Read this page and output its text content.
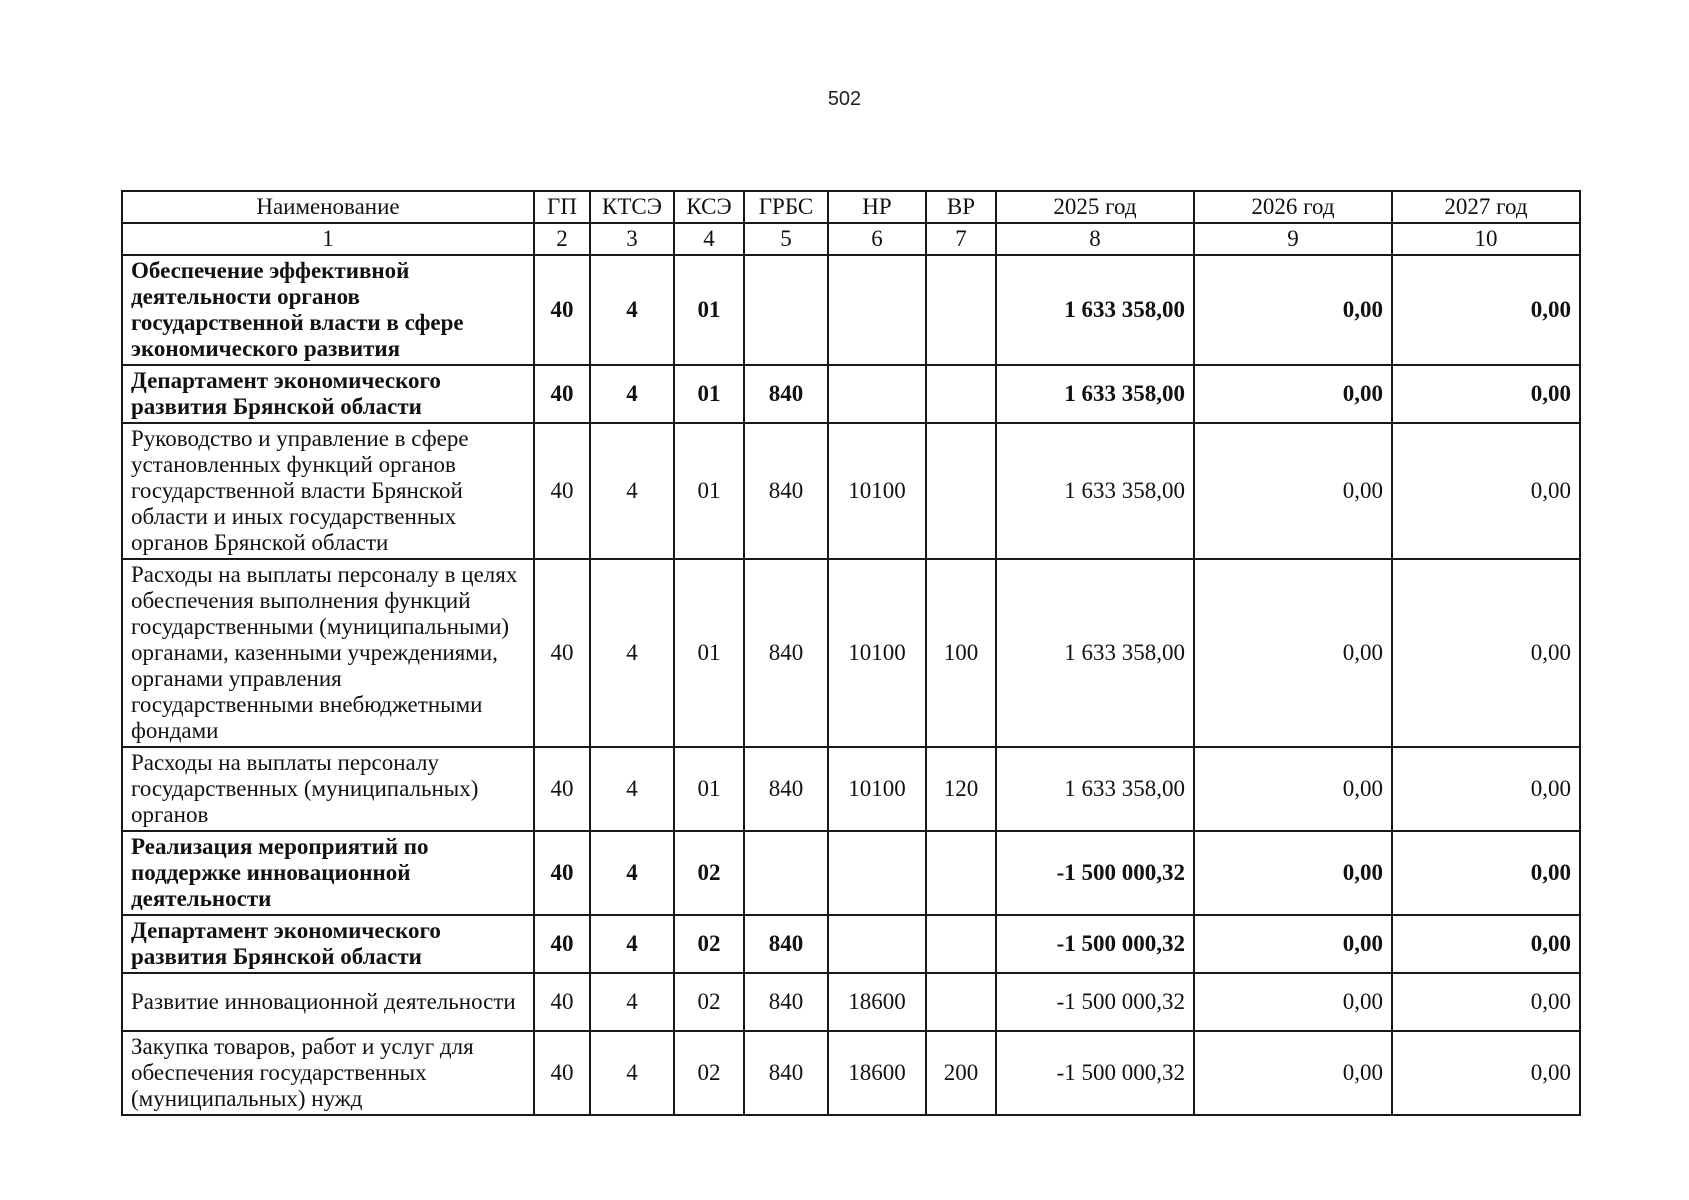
502
Наименование	ГП	КТСЭ	КСЭ	ГРБС	НР	ВР	2025 год	2026 год	2027 год
1	2	3	4	5	6	7	8	9	10
Обеспечение эффективной деятельности органов государственной власти в сфере экономического развития	40	4	01				1 633 358,00	0,00	0,00
Департамент экономического развития Брянской области	40	4	01	840			1 633 358,00	0,00	0,00
Руководство и управление в сфере установленных функций органов государственной власти Брянской области и иных государственных органов Брянской области	40	4	01	840	10100		1 633 358,00	0,00	0,00
Расходы на выплаты персоналу в целях обеспечения выполнения функций государственными (муниципальными) органами, казенными учреждениями, органами управления государственными внебюджетными фондами	40	4	01	840	10100	100	1 633 358,00	0,00	0,00
Расходы на выплаты персоналу государственных (муниципальных) органов	40	4	01	840	10100	120	1 633 358,00	0,00	0,00
Реализация мероприятий по поддержке инновационной деятельности	40	4	02				-1 500 000,32	0,00	0,00
Департамент экономического развития Брянской области	40	4	02	840			-1 500 000,32	0,00	0,00
Развитие инновационной деятельности	40	4	02	840	18600		-1 500 000,32	0,00	0,00
Закупка товаров, работ и услуг для обеспечения государственных (муниципальных) нужд	40	4	02	840	18600	200	-1 500 000,32	0,00	0,00
